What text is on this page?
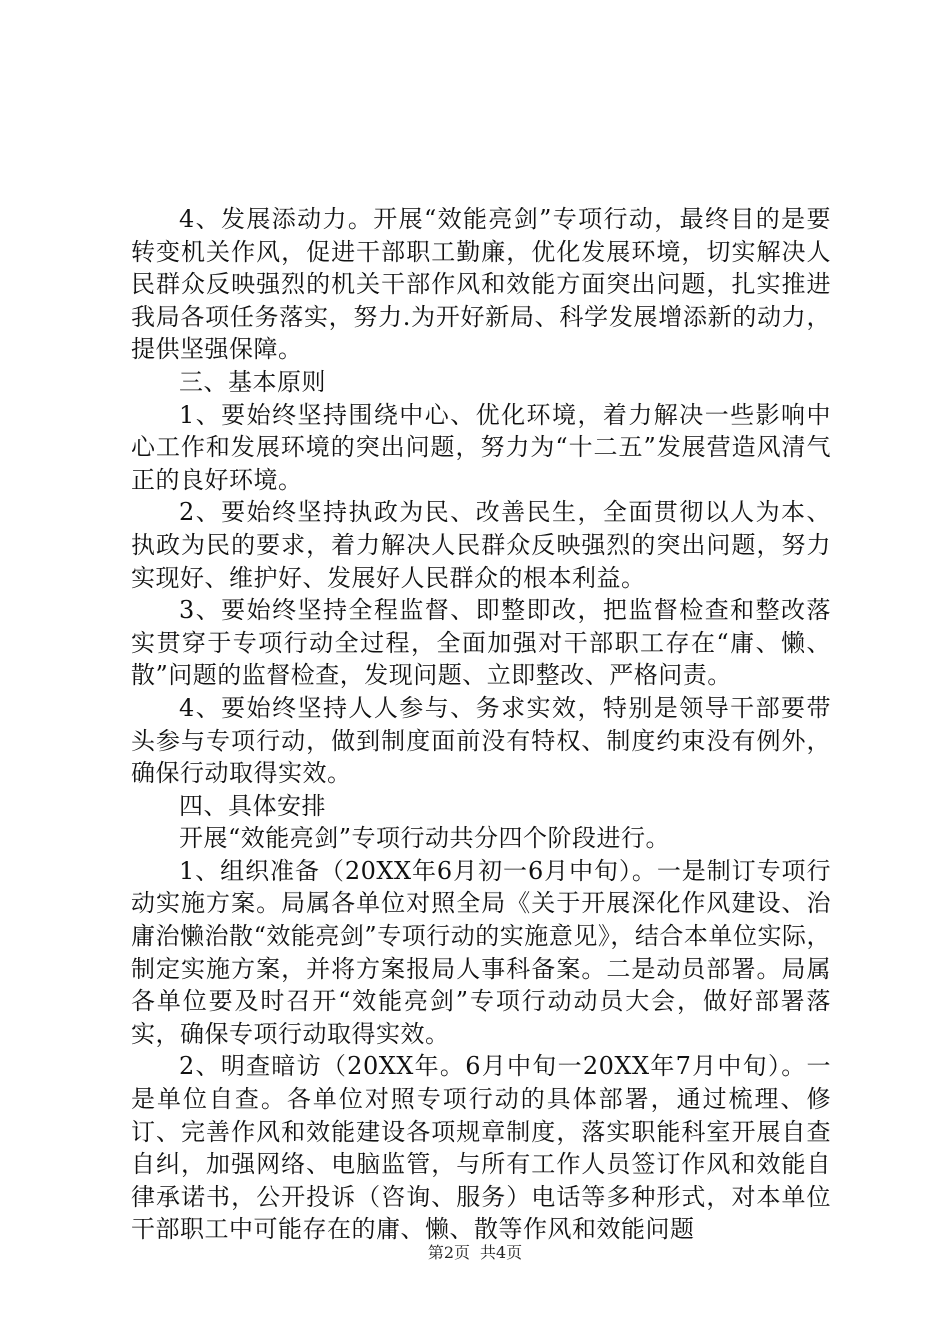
4、发展添动力。开展“效能亮剑”专项行动，最终目的是要转变机关作风，促进干部职工勤廉，优化发展环境，切实解决人民群众反映强烈的机关干部作风和效能方面突出问题，扎实推进我局各项任务落实，努力.为开好新局、科学发展增添新的动力，提供坚强保障。

三、基本原则

1、要始终坚持围绕中心、优化环境，着力解决一些影响中心工作和发展环境的突出问题，努力为“十二五”发展营造风清气正的良好环境。

2、要始终坚持执政为民、改善民生，全面贯彻以人为本、执政为民的要求，着力解决人民群众反映强烈的突出问题，努力实现好、维护好、发展好人民群众的根本利益。

3、要始终坚持全程监督、即整即改，把监督检查和整改落实贯穿于专项行动全过程，全面加强对干部职工存在“庸、懒、散”问题的监督检查，发现问题、立即整改、严格问责。

4、要始终坚持人人参与、务求实效，特别是领导干部要带头参与专项行动，做到制度面前没有特权、制度约束没有例外，确保行动取得实效。

四、具体安排

开展“效能亮剑”专项行动共分四个阶段进行。

1、组织准备（20XX年6月初一6月中旬）。一是制订专项行动实施方案。局属各单位对照全局《关于开展深化作风建设、治庸治懒治散“效能亮剑”专项行动的实施意见》，结合本单位实际，制定实施方案，并将方案报局人事科备案。二是动员部署。局属各单位要及时召开“效能亮剑”专项行动动员大会，做好部署落实，确保专项行动取得实效。

2、明查暗访（20XX年。6月中旬一20XX年7月中旬）。一是单位自查。各单位对照专项行动的具体部署，通过梳理、修订、完善作风和效能建设各项规章制度，落实职能科室开展自查自纠，加强网络、电脑监管，与所有工作人员签订作风和效能自律承诺书，公开投诉（咨询、服务）电话等多种形式，对本单位干部职工中可能存在的庸、懒、散等作风和效能问题

第2页 共4页
